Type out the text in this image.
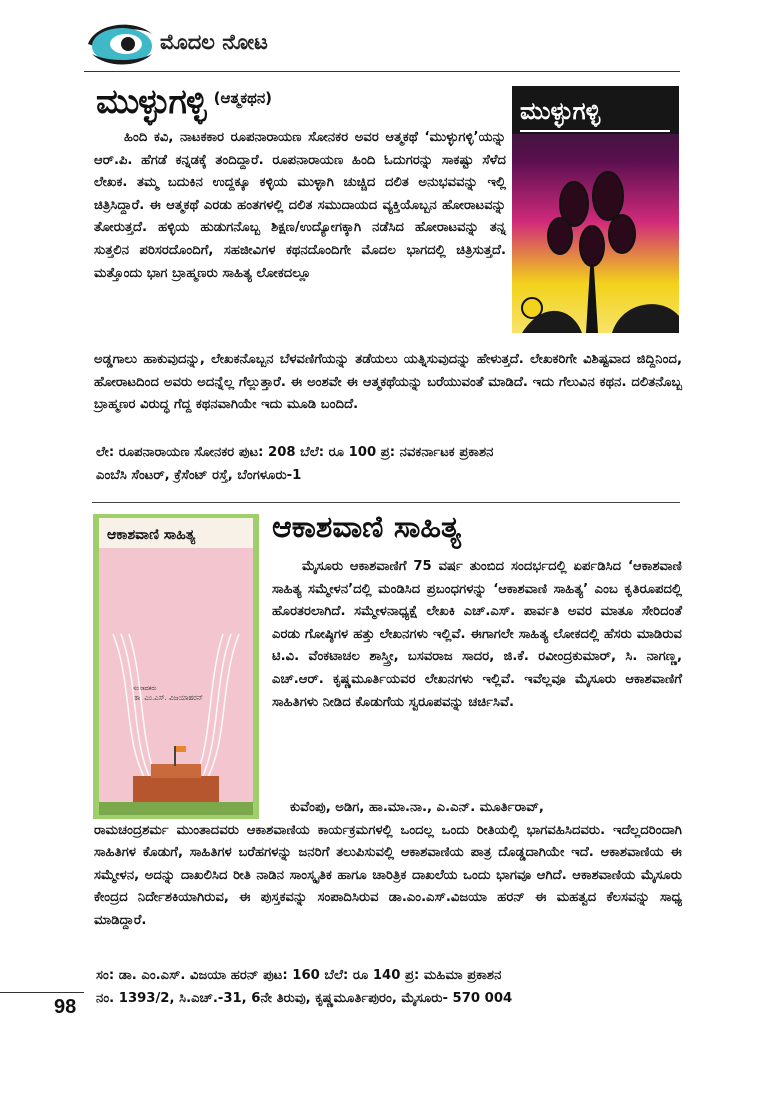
ಮೊದಲ ನೋಟ
ಮುಳ್ಳುಗಳ್ಳಿ (ಆತ್ಮಕಥನ)	ಮುಳ್ಳುಗಳ್ಳಿ

ಹಿಂದಿ ಕವಿ, ನಾಟಕಕಾರ ರೂಪನಾರಾಯಣ ಸೋನಕರ ಅವರ ಆತ್ಮಕಥೆ ‘ಮುಳ್ಳುಗಳ್ಳಿ’ಯನ್ನು ಆರ್.ಪಿ. ಹೆಗಡೆ ಕನ್ನಡಕ್ಕೆ ತಂದಿದ್ದಾರೆ. ರೂಪನಾರಾಯಣ ಹಿಂದಿ ಓದುಗರನ್ನು ಸಾಕಷ್ಟು ಸೆಳೆದ ಲೇಖಕ. ತಮ್ಮ ಬದುಕಿನ ಉದ್ದಕ್ಕೂ ಕಳ್ಳಿಯ ಮುಳ್ಳಾಗಿ ಚುಚ್ಚಿದ ದಲಿತ ಅನುಭವವನ್ನು ಇಲ್ಲಿ ಚಿತ್ರಿಸಿದ್ದಾರೆ. ಈ ಆತ್ಮಕಥೆ ಎರಡು ಹಂತಗಳಲ್ಲಿ ದಲಿತ ಸಮುದಾಯದ ವ್ಯಕ್ತಿಯೊಬ್ಬನ ಹೋರಾಟವನ್ನು ತೋರುತ್ತದೆ. ಹಳ್ಳಿಯ ಹುಡುಗನೊಬ್ಬ ಶಿಕ್ಷಣ/ಉದ್ಯೋಗಕ್ಕಾಗಿ ನಡೆಸಿದ ಹೋರಾಟವನ್ನು ತನ್ನ ಸುತ್ತಲಿನ ಪರಿಸರದೊಂದಿಗೆ, ಸಹಜೀವಿಗಳ ಕಥನದೊಂದಿಗೇ ಮೊದಲ ಭಾಗದಲ್ಲಿ ಚಿತ್ರಿಸುತ್ತದೆ. ಮತ್ತೊಂದು ಭಾಗ ಬ್ರಾಹ್ಮಣರು ಸಾಹಿತ್ಯ ಲೋಕದಲ್ಲೂ

ಅಡ್ಡಗಾಲು ಹಾಕುವುದನ್ನು, ಲೇಖಕನೊಬ್ಬನ ಬೆಳವಣಿಗೆಯನ್ನು ತಡೆಯಲು ಯತ್ನಿಸುವುದನ್ನು ಹೇಳುತ್ತದೆ. ಲೇಖಕರಿಗೇ ವಿಶಿಷ್ಟವಾದ ಜಿದ್ದಿನಿಂದ, ಹೋರಾಟದಿಂದ ಅವರು ಅದನ್ನೆಲ್ಲ ಗೆಲ್ಲುತ್ತಾರೆ. ಈ ಅಂಶವೇ ಈ ಆತ್ಮಕಥೆಯನ್ನು ಬರೆಯುವಂತೆ ಮಾಡಿದೆ. ಇದು ಗೆಲುವಿನ ಕಥನ. ದಲಿತನೊಬ್ಬ ಬ್ರಾಹ್ಮಣರ ವಿರುದ್ಧ ಗೆದ್ದ ಕಥನವಾಗಿಯೇ ಇದು ಮೂಡಿ ಬಂದಿದೆ.
ಲೇ: ರೂಪನಾರಾಯಣ ಸೋನಕರ ಪುಟ: 208 ಬೆಲೆ: ರೂ 100 ಪ್ರ: ನವಕರ್ನಾಟಕ ಪ್ರಕಾಶನ
ಎಂಬೆಸಿ ಸೆಂಟರ್, ಕ್ರೆಸೆಂಟ್ ರಸ್ತೆ, ಬೆಂಗಳೂರು-1
ಆಕಾಶವಾಣಿ ಸಾಹಿತ್ಯ
ಸಂಪಾದಕರು
ಡಾ. ಎಂ.ಎಸ್. ವಿಜಯಾಹರನ್
ಆಕಾಶವಾಣಿ ಸಾಹಿತ್ಯ
ಮೈಸೂರು ಆಕಾಶವಾಣಿಗೆ 75 ವರ್ಷ ತುಂಬಿದ ಸಂದರ್ಭದಲ್ಲಿ ಏರ್ಪಡಿಸಿದ ‘ಆಕಾಶವಾಣಿ ಸಾಹಿತ್ಯ ಸಮ್ಮೇಳನ’ದಲ್ಲಿ ಮಂಡಿಸಿದ ಪ್ರಬಂಧಗಳನ್ನು ‘ಆಕಾಶವಾಣಿ ಸಾಹಿತ್ಯ’ ಎಂಬ ಕೃತಿರೂಪದಲ್ಲಿ ಹೊರತರಲಾಗಿದೆ. ಸಮ್ಮೇಳನಾಧ್ಯಕ್ಷೆ ಲೇಖಕಿ ಎಚ್.ಎಸ್. ಪಾರ್ವತಿ ಅವರ ಮಾತೂ ಸೇರಿದಂತೆ ಎರಡು ಗೋಷ್ಠಿಗಳ ಹತ್ತು ಲೇಖನಗಳು ಇಲ್ಲಿವೆ. ಈಗಾಗಲೇ ಸಾಹಿತ್ಯ ಲೋಕದಲ್ಲಿ ಹೆಸರು ಮಾಡಿರುವ ಟಿ.ವಿ. ವೆಂಕಟಾಚಲ ಶಾಸ್ತ್ರೀ, ಬಸವರಾಜ ಸಾದರ, ಜಿ.ಕೆ. ರವೀಂದ್ರಕುಮಾರ್, ಸಿ. ನಾಗಣ್ಣ, ಎಚ್.ಆರ್. ಕೃಷ್ಣಮೂರ್ತಿಯವರ ಲೇಖನಗಳು ಇಲ್ಲಿವೆ. ಇವೆಲ್ಲವೂ ಮೈಸೂರು ಆಕಾಶವಾಣಿಗೆ ಸಾಹಿತಿಗಳು ನೀಡಿದ ಕೊಡುಗೆಯ ಸ್ವರೂಪವನ್ನು ಚರ್ಚಿಸಿವೆ.
ಕುವೆಂಪು, ಅಡಿಗ, ಹಾ.ಮಾ.ನಾ., ಎ.ಎನ್. ಮೂರ್ತಿರಾವ್,
ರಾಮಚಂದ್ರಶರ್ಮ ಮುಂತಾದವರು ಆಕಾಶವಾಣಿಯ ಕಾರ್ಯಕ್ರಮಗಳಲ್ಲಿ ಒಂದಲ್ಲ ಒಂದು ರೀತಿಯಲ್ಲಿ ಭಾಗವಹಿಸಿದವರು. ಇದೆಲ್ಲದರಿಂದಾಗಿ ಸಾಹಿತಿಗಳ ಕೊಡುಗೆ, ಸಾಹಿತಿಗಳ ಬರೆಹಗಳನ್ನು ಜನರಿಗೆ ತಲುಪಿಸುವಲ್ಲಿ ಆಕಾಶವಾಣಿಯ ಪಾತ್ರ ದೊಡ್ಡದಾಗಿಯೇ ಇದೆ. ಆಕಾಶವಾಣಿಯ ಈ ಸಮ್ಮೇಳನ, ಅದನ್ನು ದಾಖಲಿಸಿದ ರೀತಿ ನಾಡಿನ ಸಾಂಸ್ಕೃತಿಕ ಹಾಗೂ ಚಾರಿತ್ರಿಕ ದಾಖಲೆಯ ಒಂದು ಭಾಗವೂ ಆಗಿದೆ. ಆಕಾಶವಾಣಿಯ ಮೈಸೂರು ಕೇಂದ್ರದ ನಿರ್ದೇಶಕಿಯಾಗಿರುವ, ಈ ಪುಸ್ತಕವನ್ನು ಸಂಪಾದಿಸಿರುವ ಡಾ.ಎಂ.ಎಸ್.ವಿಜಯಾ ಹರನ್ ಈ ಮಹತ್ವದ ಕೆಲಸವನ್ನು ಸಾಧ್ಯ ಮಾಡಿದ್ದಾರೆ.
ಸಂ: ಡಾ. ಎಂ.ಎಸ್. ವಿಜಯಾ ಹರನ್ ಪುಟ: 160 ಬೆಲೆ: ರೂ 140 ಪ್ರ: ಮಹಿಮಾ ಪ್ರಕಾಶನ
ನಂ. 1393/2, ಸಿ.ಎಚ್.-31, 6ನೇ ತಿರುವು, ಕೃಷ್ಣಮೂರ್ತಿಪುರಂ, ಮೈಸೂರು- 570 004
98
